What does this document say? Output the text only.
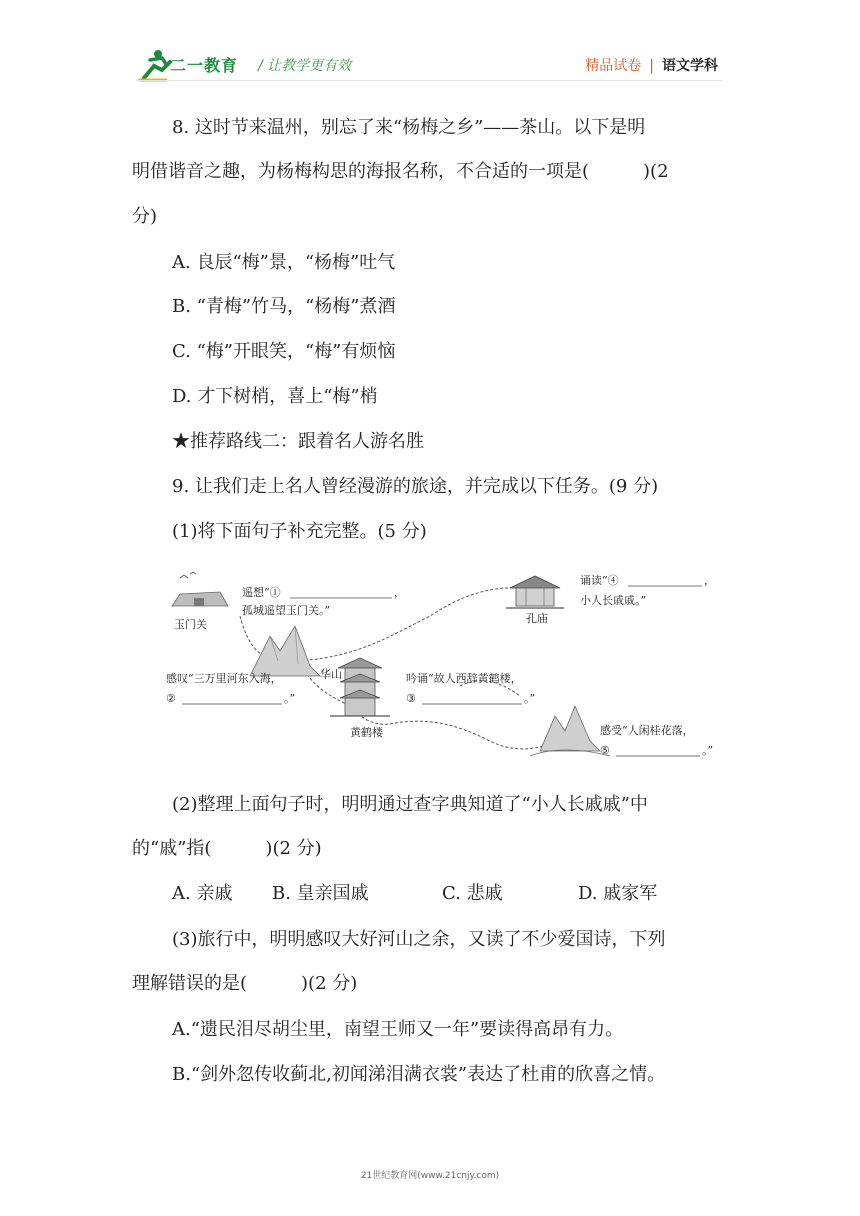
二一教育 / 让教学更有效	精品试卷 | 语文学科
8. 这时节来温州，别忘了来“杨梅之乡”——茶山。以下是明
明借谐音之趣，为杨梅构思的海报名称，不合适的一项是(　　　)(2
分)
A. 良辰“梅”景，“杨梅”吐气
B. “青梅”竹马，“杨梅”煮酒
C. “梅”开眼笑，“梅”有烦恼
D. 才下树梢，喜上“梅”梢
★推荐路线二：跟着名人游名胜
9. 让我们走上名人曾经漫游的旅途，并完成以下任务。(9 分)
(1)将下面句子补充完整。(5 分)
玉门关
遥想“①	，
孤城遥望玉门关。”
华山
感叹“三万里河东入海，
②	。”
黄鹤楼
吟诵“故人西辞黄鹤楼，
③	。”
孔庙
诵读“④	，
小人长戚戚。”
感受“人闲桂花落，
⑤	。”
(2)整理上面句子时，明明通过查字典知道了“小人长戚戚”中
的“戚”指(　　　)(2 分)
A. 亲戚 B. 皇亲国戚	C. 悲戚	D. 戚家军
(3)旅行中，明明感叹大好河山之余，又读了不少爱国诗，下列
理解错误的是(　　　)(2 分)
A.“遗民泪尽胡尘里，南望王师又一年”要读得高昂有力。
B.“剑外忽传收蓟北,初闻涕泪满衣裳”表达了杜甫的欣喜之情。
21世纪教育网(www.21cnjy.com)
